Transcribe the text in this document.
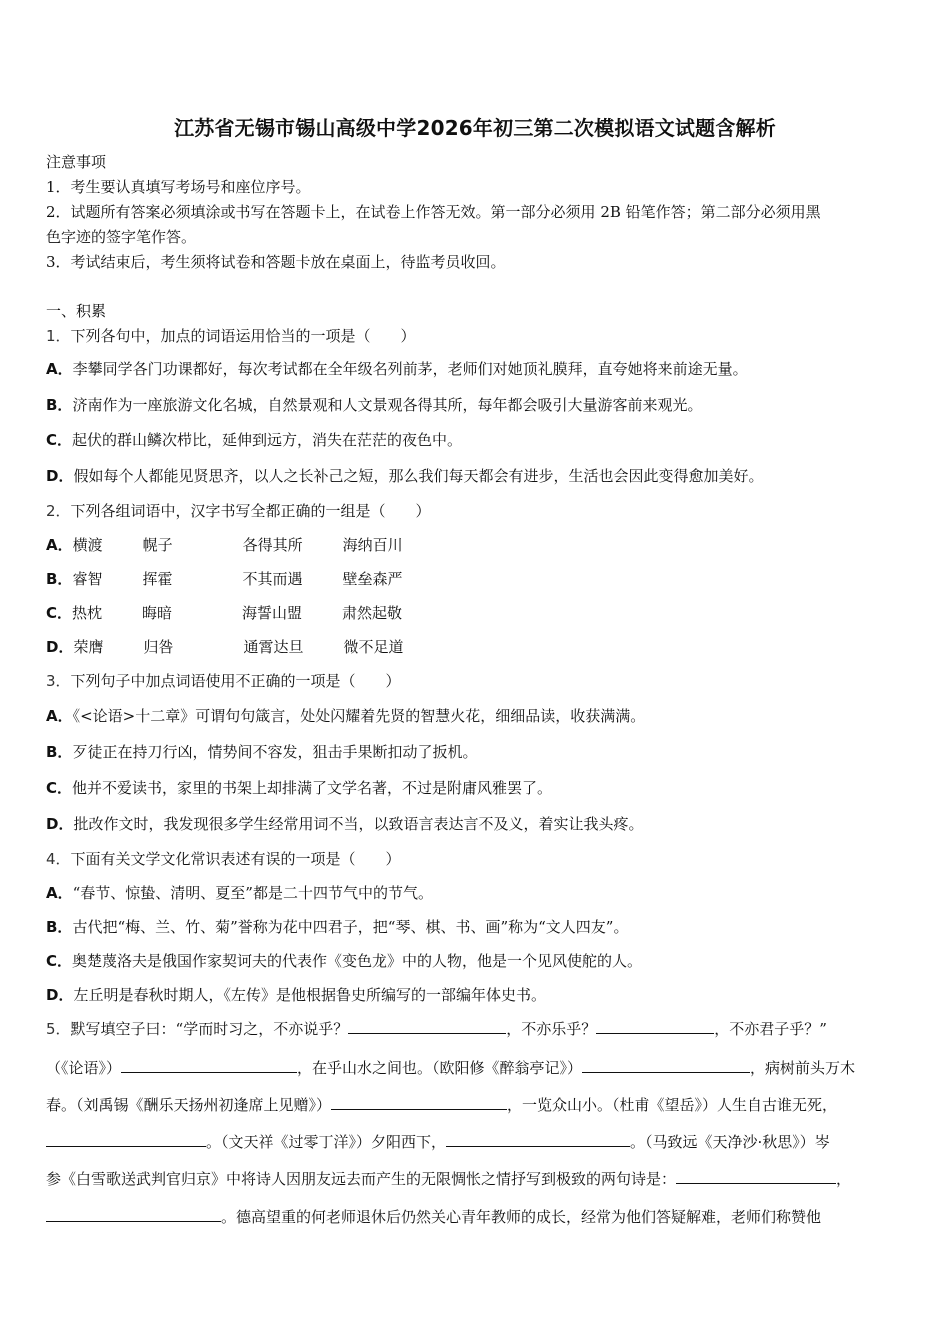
江苏省无锡市锡山高级中学2026年初三第二次模拟语文试题含解析
注意事项
1．考生要认真填写考场号和座位序号。
2．试题所有答案必须填涂或书写在答题卡上，在试卷上作答无效。第一部分必须用 2B 铅笔作答；第二部分必须用黑
色字迹的签字笔作答。
3．考试结束后，考生须将试卷和答题卡放在桌面上，待监考员收回。
一、积累
1．下列各句中，加点的词语运用恰当的一项是（　　）
A．李攀同学各门功课都好，每次考试都在全年级名列前茅，老师们对她顶礼膜拜，直夸她将来前途无量。
B．济南作为一座旅游文化名城，自然景观和人文景观各得其所，每年都会吸引大量游客前来观光。
C．起伏的群山鳞次栉比，延伸到远方，消失在茫茫的夜色中。
D．假如每个人都能见贤思齐，以人之长补己之短，那么我们每天都会有进步，生活也会因此变得愈加美好。
2．下列各组词语中，汉字书写全都正确的一组是（　　）
A．横渡	幌子	各得其所	海纳百川
B．睿智	挥霍	不其而遇	壁垒森严
C．热枕	晦暗	海誓山盟	肃然起敬
D．荣膺	归咎	通霄达旦	微不足道
3．下列句子中加点词语使用不正确的一项是（　　）
A．《<论语>十二章》可谓句句箴言，处处闪耀着先贤的智慧火花，细细品读，收获满满。
B．歹徒正在持刀行凶，情势间不容发，狙击手果断扣动了扳机。
C．他并不爱读书，家里的书架上却排满了文学名著，不过是附庸风雅罢了。
D．批改作文时，我发现很多学生经常用词不当，以致语言表达言不及义，着实让我头疼。
4．下面有关文学文化常识表述有误的一项是（　　）
A．“春节、惊蛰、清明、夏至”都是二十四节气中的节气。
B．古代把“梅、兰、竹、菊”誉称为花中四君子，把“琴、棋、书、画”称为“文人四友”。
C．奥楚蔑洛夫是俄国作家契诃夫的代表作《变色龙》中的人物，他是一个见风使舵的人。
D．左丘明是春秋时期人，《左传》是他根据鲁史所编写的一部编年体史书。
5．默写填空子曰：“学而时习之，不亦说乎？	，不亦乐乎？	，不亦君子乎？”
（《论语》）	，在乎山水之间也。（欧阳修《醉翁亭记》）	，病树前头万木
春。（刘禹锡《酬乐天扬州初逢席上见赠》）	，一览众山小。（杜甫《望岳》）人生自古谁无死，
。（文天祥《过零丁洋》）夕阳西下，	。（马致远《天净沙·秋思》）岑
参《白雪歌送武判官归京》中将诗人因朋友远去而产生的无限惆怅之情抒写到极致的两句诗是：	，
。德高望重的何老师退休后仍然关心青年教师的成长，经常为他们答疑解难，老师们称赞他
